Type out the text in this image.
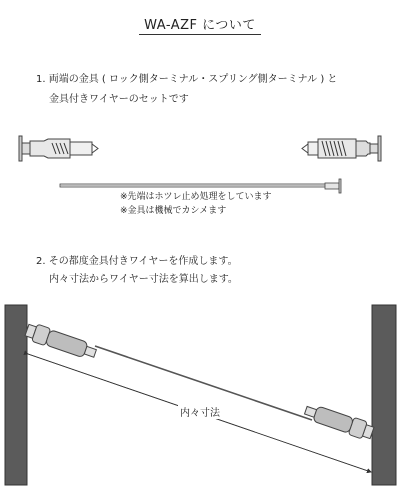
WA-AZF について
1. 両端の金具 ( ロック側ターミナル・スプリング側ターミナル ) と
金具付きワイヤーのセットです
※先端はホツレ止め処理をしています
※金具は機械でカシメます
2. その都度金具付きワイヤーを作成します。
内々寸法からワイヤー寸法を算出します。
内々寸法
